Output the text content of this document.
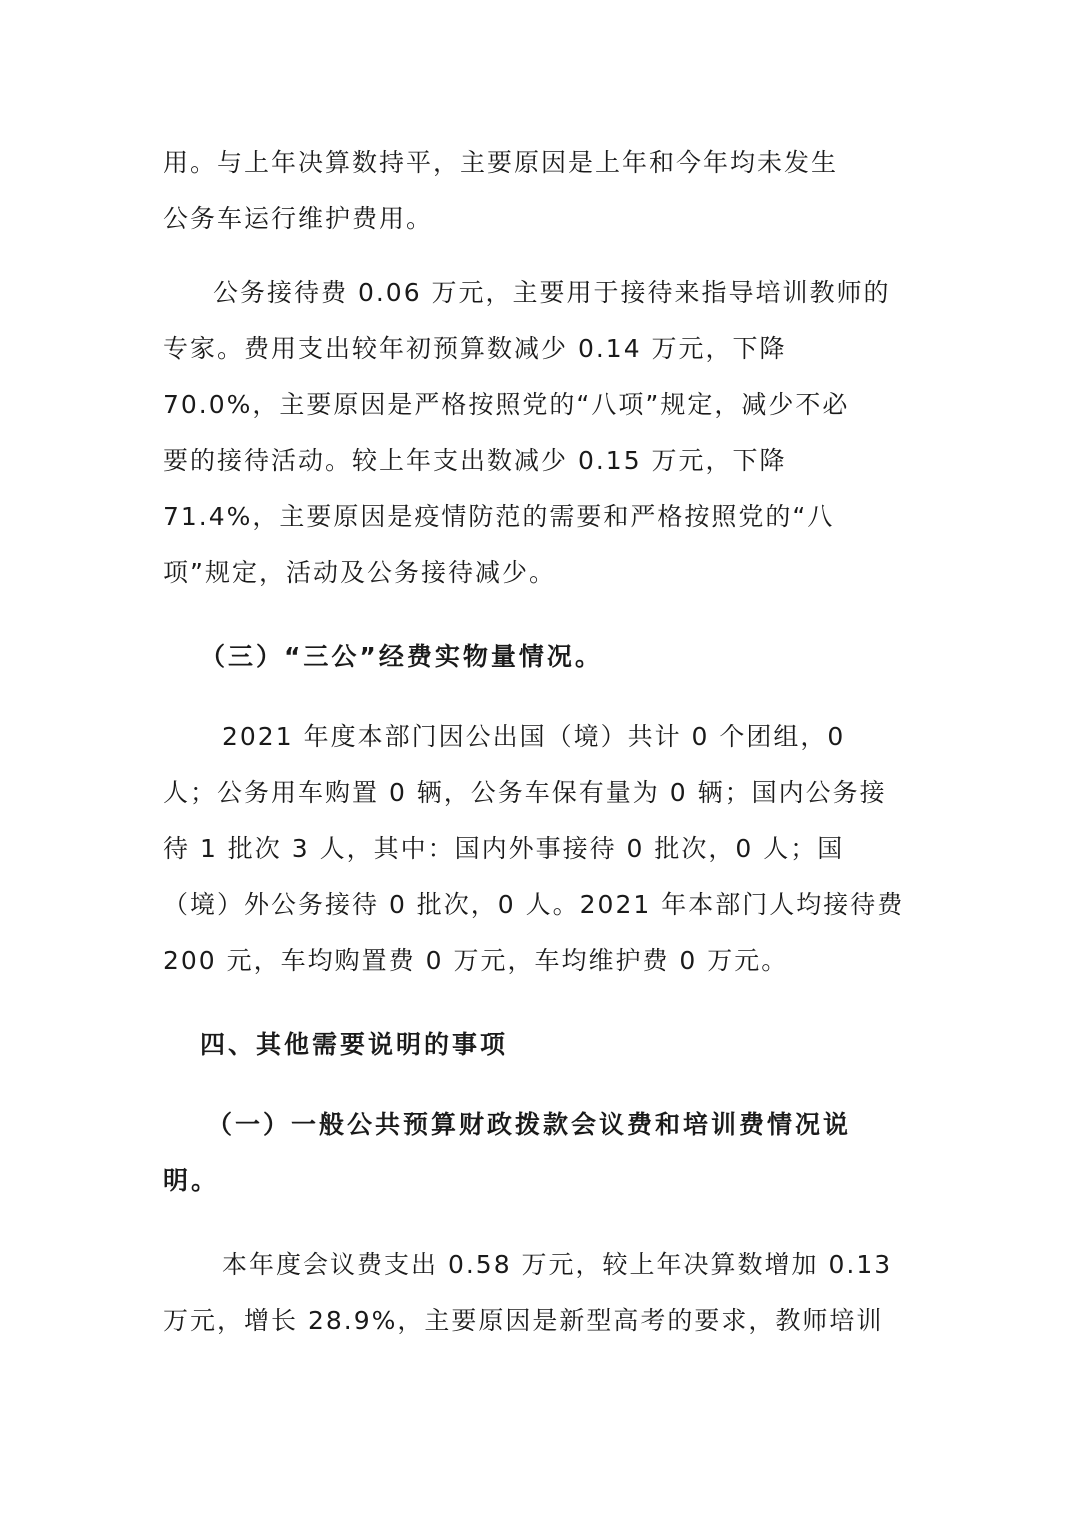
用。与上年决算数持平，主要原因是上年和今年均未发生
公务车运行维护费用。
公务接待费 0.06 万元，主要用于接待来指导培训教师的
专家。费用支出较年初预算数减少 0.14 万元，下降
70.0%，主要原因是严格按照党的“八项”规定，减少不必
要的接待活动。较上年支出数减少 0.15 万元，下降
71.4%，主要原因是疫情防范的需要和严格按照党的“八
项”规定，活动及公务接待减少。
（三）“三公”经费实物量情况。
2021 年度本部门因公出国（境）共计 0 个团组，0
人；公务用车购置 0 辆，公务车保有量为 0 辆；国内公务接
待 1 批次 3 人，其中：国内外事接待 0 批次，0 人；国
（境）外公务接待 0 批次，0 人。2021 年本部门人均接待费
200 元，车均购置费 0 万元，车均维护费 0 万元。
四、其他需要说明的事项
（一）一般公共预算财政拨款会议费和培训费情况说
明。
本年度会议费支出 0.58 万元，较上年决算数增加 0.13
万元，增长 28.9%，主要原因是新型高考的要求，教师培训
